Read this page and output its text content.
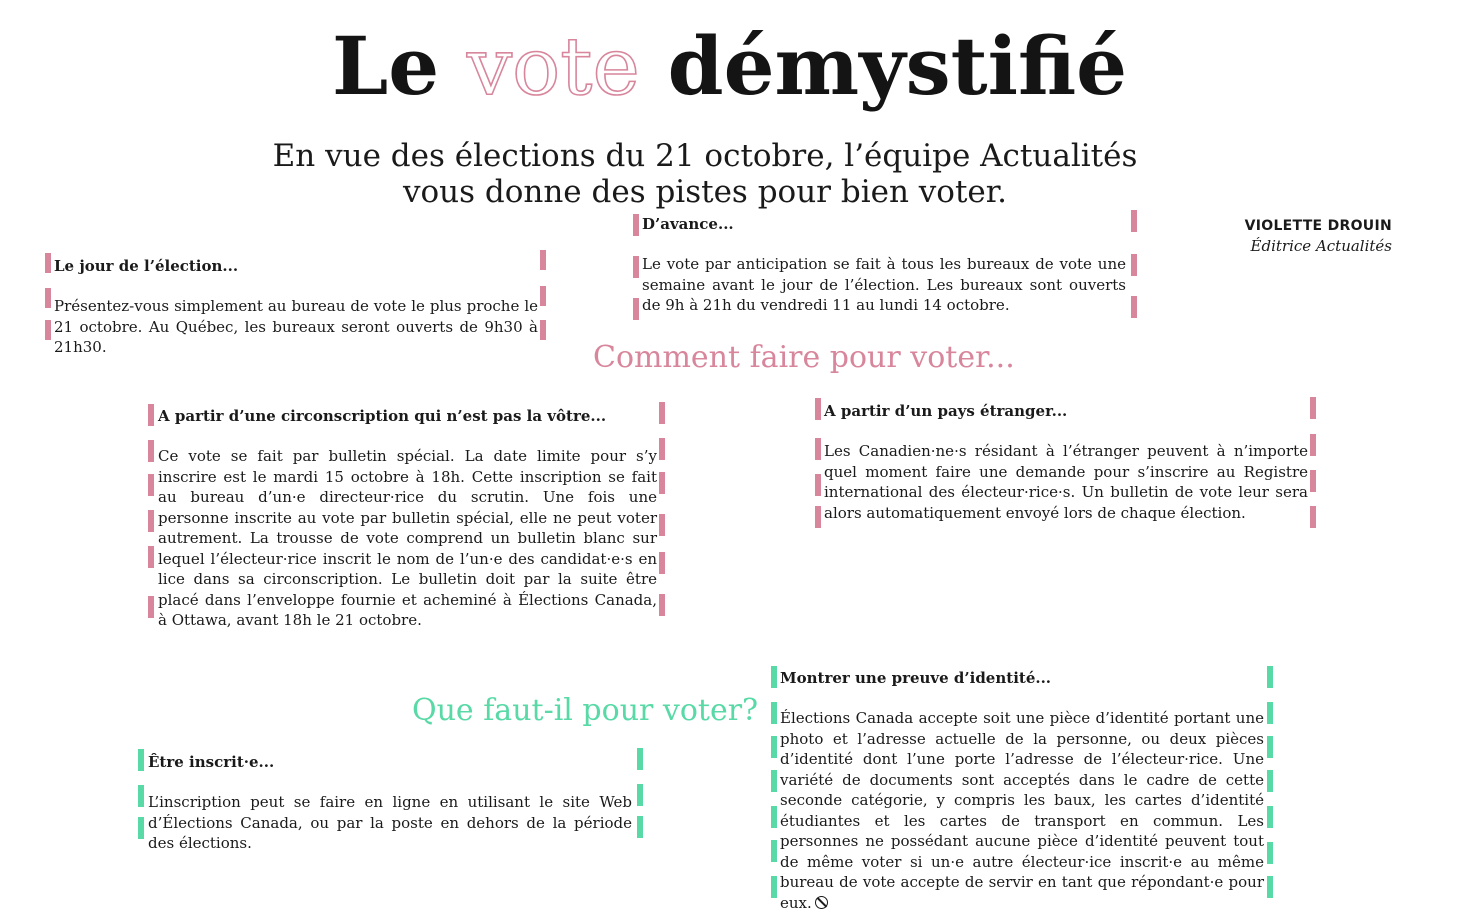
Le vote démystifié
En vue des élections du 21 octobre, l’équipe Actualités
vous donne des pistes pour bien voter.
VIOLETTE DROUIN
Éditrice Actualités
Comment faire pour voter...
Que faut-il pour voter?
Le jour de l’élection...
Présentez-vous simplement au bureau de vote le plus proche le 21 octobre. Au Québec, les bureaux seront ouverts de 9h30 à 21h30.
D’avance...
Le vote par anticipation se fait à tous les bureaux de vote une semaine avant le jour de l’élection. Les bureaux sont ouverts de 9h à 21h du vendredi 11 au lundi 14 octobre.
A partir d’une circonscription qui n’est pas la vôtre...
Ce vote se fait par bulletin spécial. La date limite pour s’y inscrire est le mardi 15 octobre à 18h. Cette inscription se fait au bureau d’un·e directeur·rice du scrutin. Une fois une personne inscrite au vote par bulletin spécial, elle ne peut voter autrement. La trousse de vote comprend un bulletin blanc sur lequel l’électeur·rice inscrit le nom de l’un·e des candidat·e·s en lice dans sa circonscription. Le bulletin doit par la suite être placé dans l’enveloppe fournie et acheminé à Élections Canada, à Ottawa, avant 18h le 21 octobre.
A partir d’un pays étranger...
Les Canadien·ne·s résidant à l’étranger peuvent à n’importe quel moment faire une demande pour s’inscrire au Registre international des électeur·rice·s. Un bulletin de vote leur sera alors automatiquement envoyé lors de chaque élection.
Être inscrit·e...
L’inscription peut se faire en ligne en utilisant le site Web d’Élections Canada, ou par la poste en dehors de la période des élections.
Montrer une preuve d’identité...
Élections Canada accepte soit une pièce d’identité portant une photo et l’adresse actuelle de la personne, ou deux pièces d’identité dont l’une porte l’adresse de l’électeur·rice. Une variété de documents sont acceptés dans le cadre de cette seconde catégorie, y compris les baux, les cartes d’identité étudiantes et les cartes de transport en commun. Les personnes ne possédant aucune pièce d’identité peuvent tout de même voter si un·e autre électeur·ice inscrit·e au même bureau de vote accepte de servir en tant que répondant·e pour eux.
